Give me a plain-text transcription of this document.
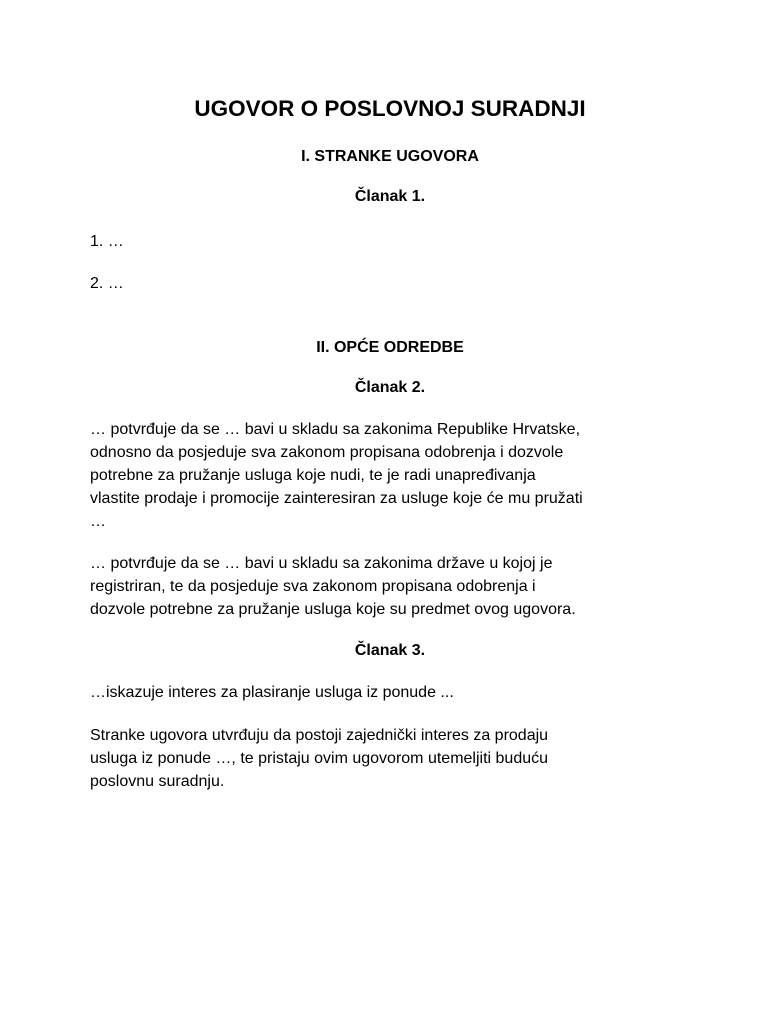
UGOVOR O POSLOVNOJ SURADNJI
I. STRANKE UGOVORA
Članak 1.

1. …

2. …

II. OPĆE ODREDBE
Članak 2.

… potvrđuje da se … bavi u skladu sa zakonima Republike Hrvatske,
odnosno da posjeduje sva zakonom propisana odobrenja i dozvole
potrebne za pružanje usluga koje nudi, te je radi unapređivanja
vlastite prodaje i promocije zainteresiran za usluge koje će mu pružati
…

… potvrđuje da se … bavi u skladu sa zakonima države u kojoj je
registriran, te da posjeduje sva zakonom propisana odobrenja i
dozvole potrebne za pružanje usluga koje su predmet ovog ugovora.

Članak 3.

…iskazuje interes za plasiranje usluga iz ponude ...

Stranke ugovora utvrđuju da postoji zajednički interes za prodaju
usluga iz ponude …, te pristaju ovim ugovorom utemeljiti buduću
poslovnu suradnju.
